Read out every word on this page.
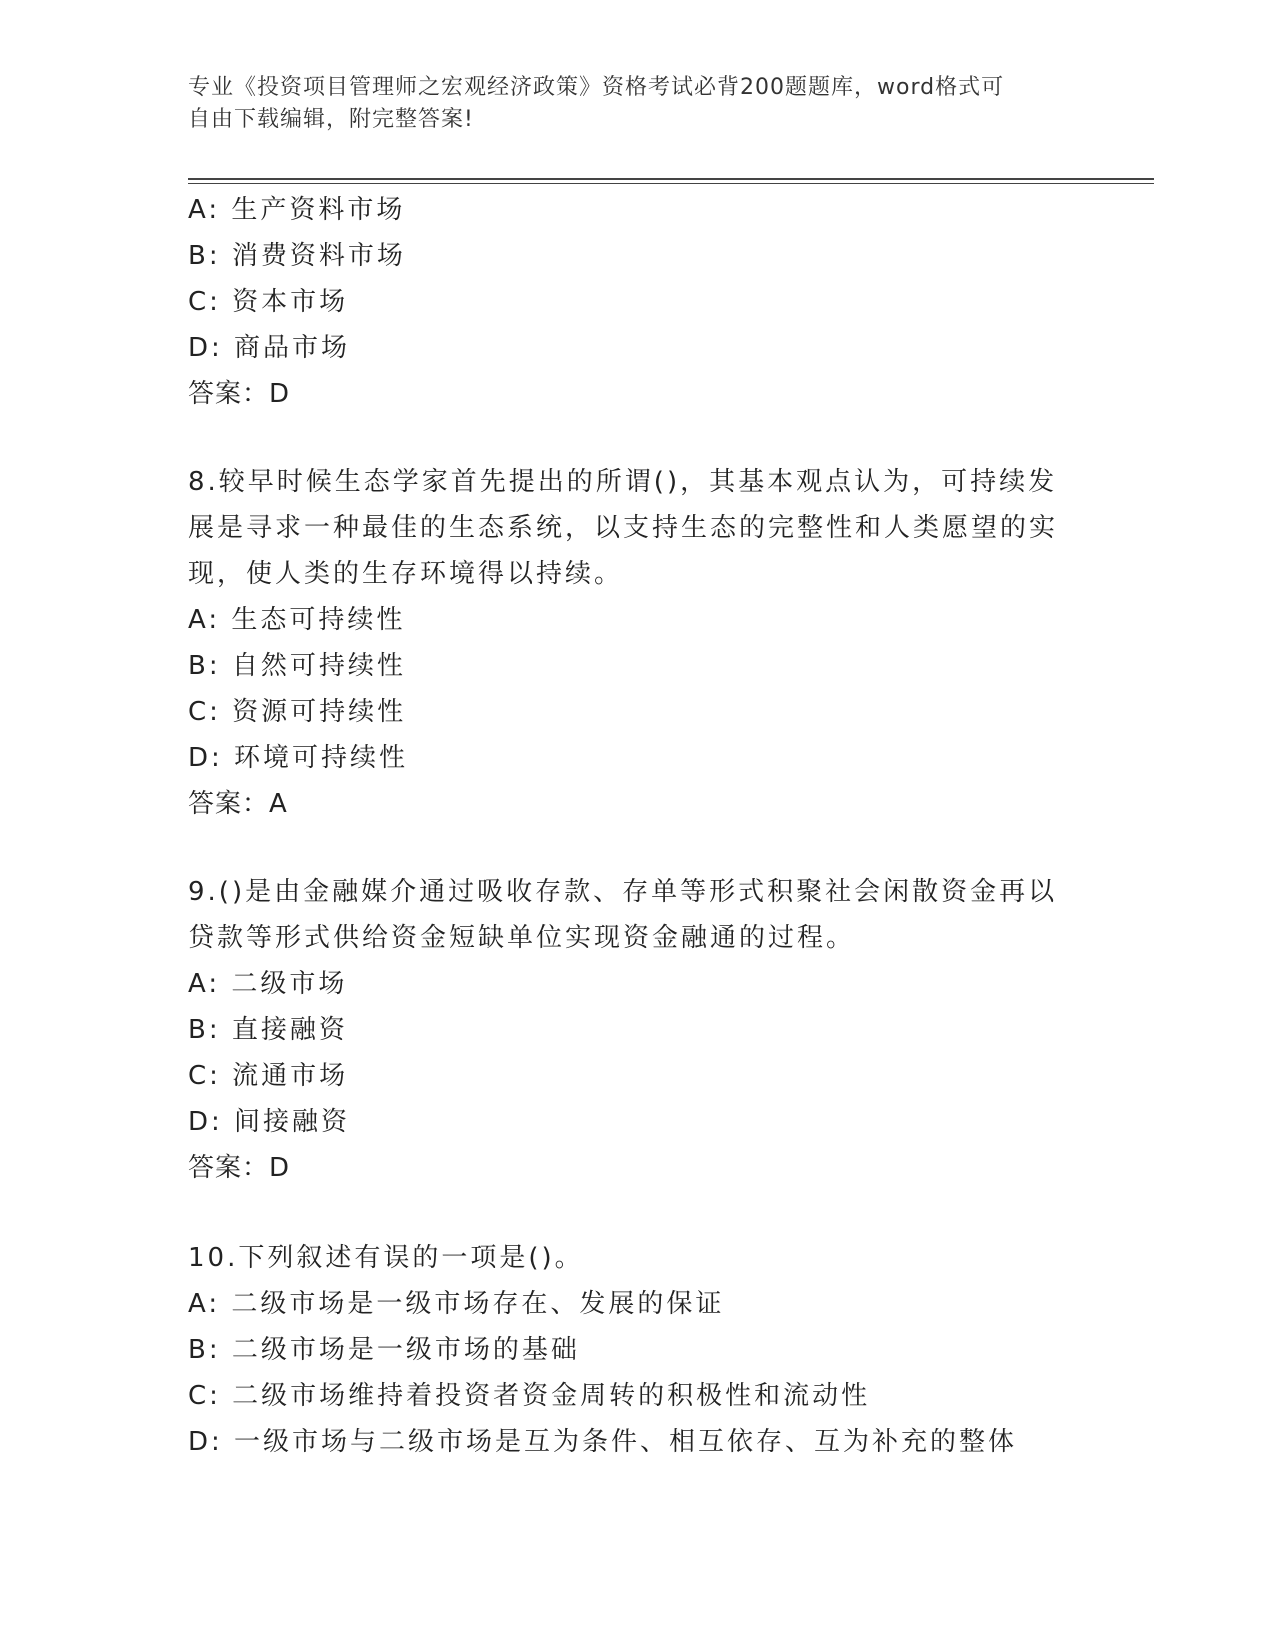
专业《投资项目管理师之宏观经济政策》资格考试必背200题题库，word格式可
自由下载编辑，附完整答案!
A: 生产资料市场
B: 消费资料市场
C: 资本市场
D: 商品市场
答案：D
8.较早时候生态学家首先提出的所谓()，其基本观点认为，可持续发
展是寻求一种最佳的生态系统，以支持生态的完整性和人类愿望的实
现，使人类的生存环境得以持续。
A: 生态可持续性
B: 自然可持续性
C: 资源可持续性
D: 环境可持续性
答案：A
9.()是由金融媒介通过吸收存款、存单等形式积聚社会闲散资金再以
贷款等形式供给资金短缺单位实现资金融通的过程。
A: 二级市场
B: 直接融资
C: 流通市场
D: 间接融资
答案：D
10.下列叙述有误的一项是()。
A: 二级市场是一级市场存在、发展的保证
B: 二级市场是一级市场的基础
C: 二级市场维持着投资者资金周转的积极性和流动性
D: 一级市场与二级市场是互为条件、相互依存、互为补充的整体
